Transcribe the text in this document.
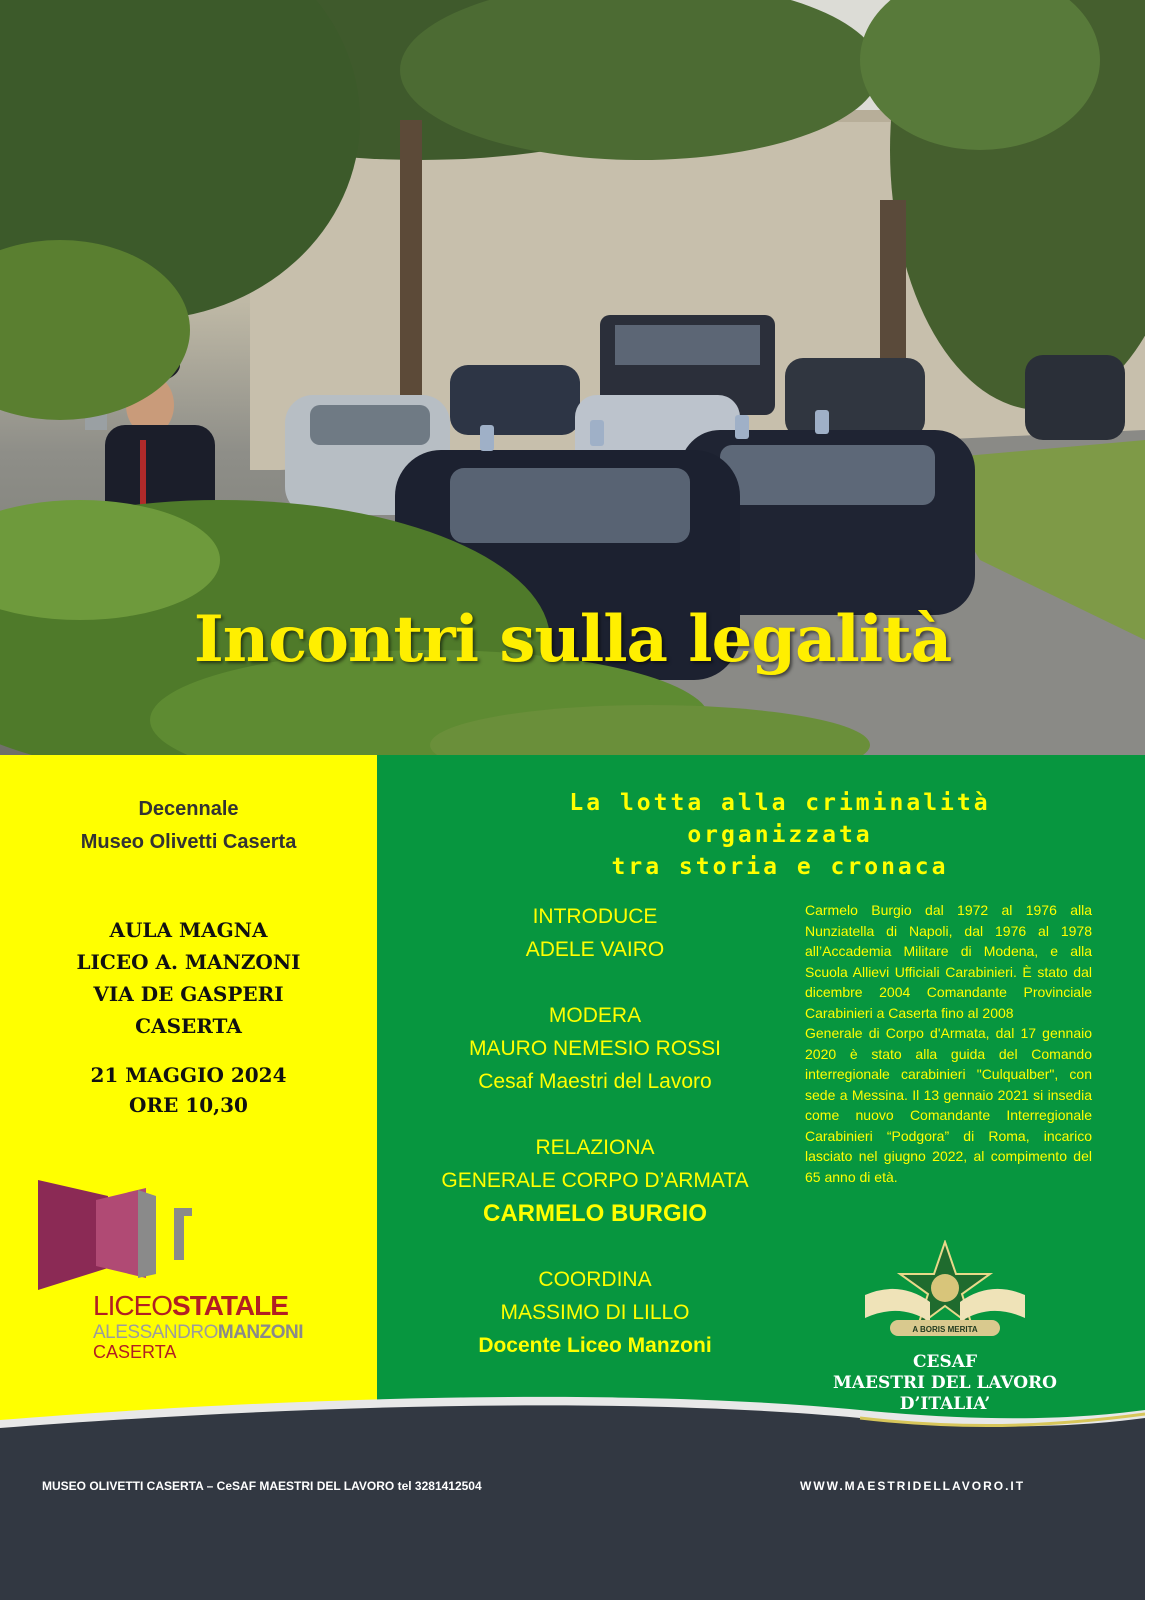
Incontri sulla legalità
Decennale
Museo Olivetti Caserta
AULA MAGNA
LICEO A. MANZONI
VIA DE GASPERI
CASERTA
21 MAGGIO 2024
ORE 10,30
LICEOSTATALE
ALESSANDROMANZONI
CASERTA
La lotta alla criminalità
organizzata
tra storia e cronaca
INTRODUCE
ADELE VAIRO
MODERA
MAURO NEMESIO ROSSI
Cesaf Maestri del Lavoro
RELAZIONA
GENERALE CORPO D’ARMATA
CARMELO BURGIO
COORDINA
MASSIMO DI LILLO
Docente Liceo Manzoni

Carmelo Burgio dal 1972 al 1976 alla Nunziatella di Napoli, dal 1976 al 1978 all’Accademia Militare di Modena, e alla Scuola Allievi Ufficiali Carabinieri. È stato dal dicembre 2004 Comandante Provinciale Carabinieri a Caserta fino al 2008

Generale di Corpo d'Armata, dal 17 gennaio 2020 è stato alla guida del Comando interregionale carabinieri "Culqualber", con sede a Messina. Il 13 gennaio 2021 si insedia come nuovo Comandante Interregionale Carabinieri “Podgora” di Roma, incarico lasciato nel giugno 2022, al compimento del 65 anno di età.

A BORIS MERITA
CESAF
MAESTRI DEL LAVORO
D’ITALIA’
MUSEO OLIVETTI CASERTA – CeSAF MAESTRI DEL LAVORO tel 3281412504	WWW.MAESTRIDELLAVORO.IT
